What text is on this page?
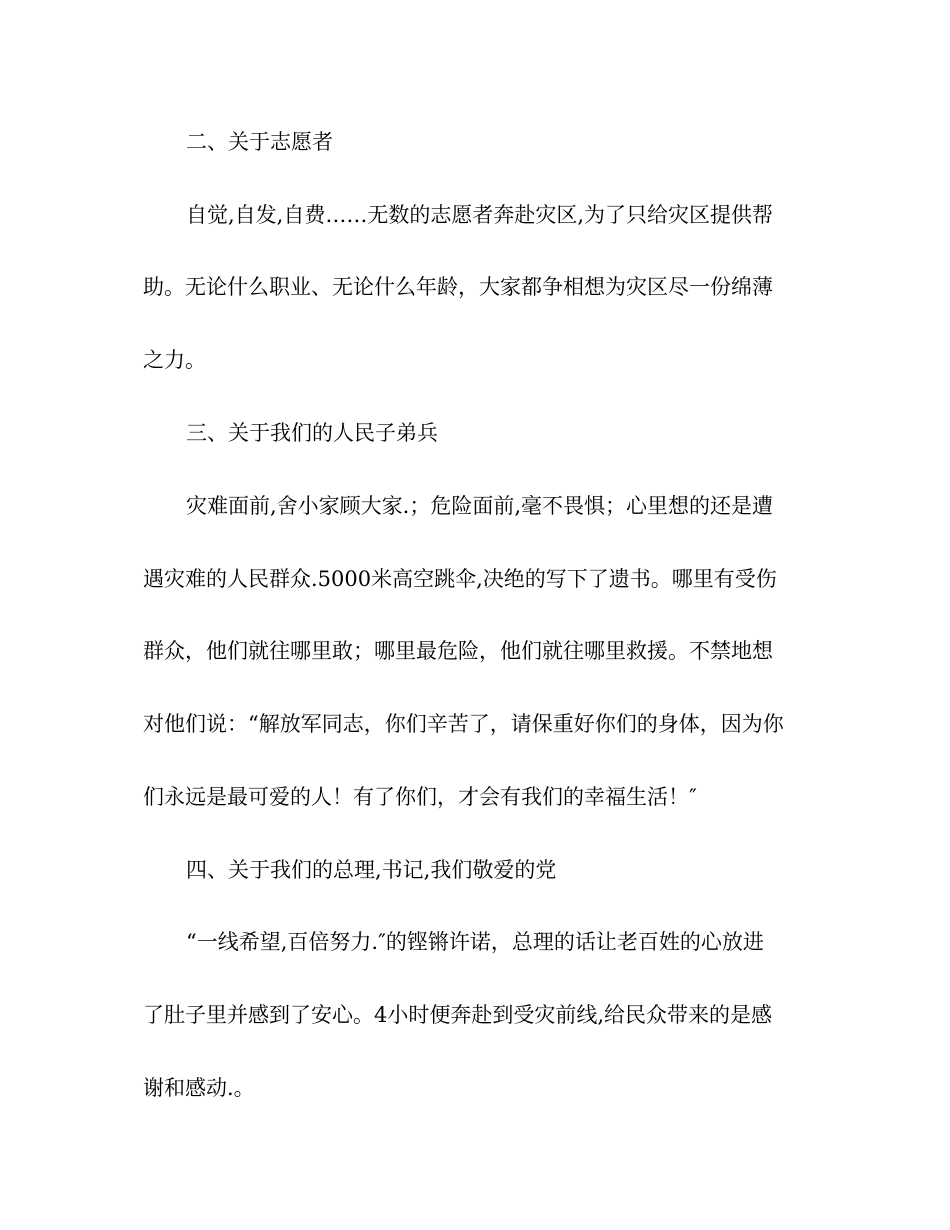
二、关于志愿者

自觉,自发,自费……无数的志愿者奔赴灾区,为了只给灾区提供帮

助。无论什么职业、无论什么年龄，大家都争相想为灾区尽一份绵薄

之力。

三、关于我们的人民子弟兵

灾难面前,舍小家顾大家.；危险面前,毫不畏惧；心里想的还是遭

遇灾难的人民群众.5000米高空跳伞,决绝的写下了遗书。哪里有受伤

群众，他们就往哪里敢；哪里最危险，他们就往哪里救援。不禁地想

对他们说：“解放军同志，你们辛苦了，请保重好你们的身体，因为你

们永远是最可爱的人！有了你们，才会有我们的幸福生活！″

四、关于我们的总理,书记,我们敬爱的党

“一线希望,百倍努力.″的铿锵许诺，总理的话让老百姓的心放进

了肚子里并感到了安心。4小时便奔赴到受灾前线,给民众带来的是感

谢和感动.。
